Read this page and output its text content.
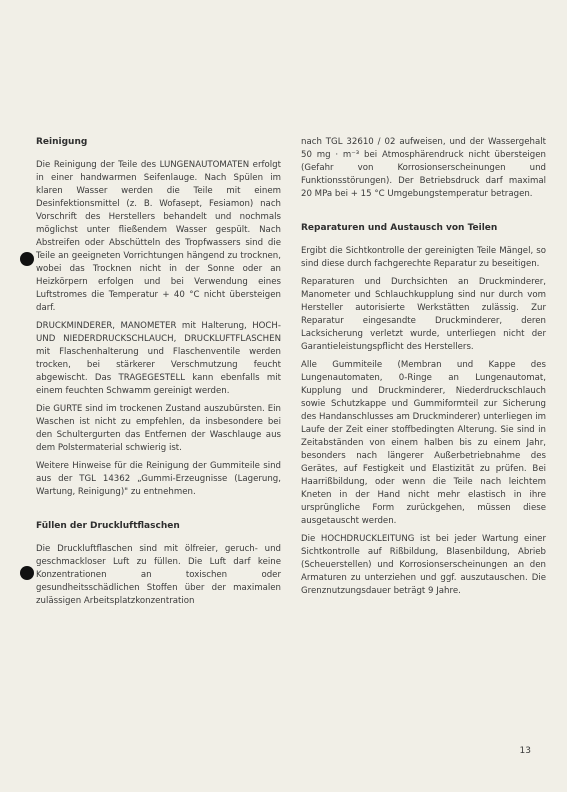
Reinigung

Die Reinigung der Teile des LUNGENAUTOMATEN erfolgt in einer handwarmen Seifenlauge. Nach Spülen im klaren Wasser werden die Teile mit einem Desinfektionsmittel (z. B. Wofasept, Fesiamon) nach Vorschrift des Herstellers behandelt und nochmals möglichst unter fließendem Wasser gespült. Nach Abstreifen oder Abschütteln des Tropfwassers sind die Teile an geeigneten Vorrichtungen hängend zu trocknen, wobei das Trocknen nicht in der Sonne oder an Heizkörpern erfolgen und bei Verwendung eines Luftstromes die Temperatur + 40 °C nicht übersteigen darf.

DRUCKMINDERER, MANOMETER mit Halterung, HOCH- UND NIEDERDRUCKSCHLAUCH, DRUCKLUFTFLASCHEN mit Flaschenhalterung und Flaschenventile werden trocken, bei stärkerer Verschmutzung feucht abgewischt. Das TRAGEGESTELL kann ebenfalls mit einem feuchten Schwamm gereinigt werden.

Die GURTE sind im trockenen Zustand auszubürsten. Ein Waschen ist nicht zu empfehlen, da insbesondere bei den Schultergurten das Entfernen der Waschlauge aus dem Polstermaterial schwierig ist.

Weitere Hinweise für die Reinigung der Gummiteile sind aus der TGL 14362 „Gummi-Erzeugnisse (Lagerung, Wartung, Reinigung)" zu entnehmen.

Füllen der Druckluftflaschen

Die Druckluftflaschen sind mit ölfreier, geruch- und geschmackloser Luft zu füllen. Die Luft darf keine Konzentrationen an toxischen oder gesundheitsschädlichen Stoffen über der maximalen zulässigen Arbeitsplatzkonzentration

nach TGL 32610 / 02 aufweisen, und der Wassergehalt 50 mg · m⁻³ bei Atmosphärendruck nicht übersteigen (Gefahr von Korrosionserscheinungen und Funktionsstörungen). Der Betriebsdruck darf maximal 20 MPa bei + 15 °C Umgebungstemperatur betragen.

Reparaturen und Austausch von Teilen

Ergibt die Sichtkontrolle der gereinigten Teile Mängel, so sind diese durch fachgerechte Reparatur zu beseitigen.

Reparaturen und Durchsichten an Druckminderer, Manometer und Schlauchkupplung sind nur durch vom Hersteller autorisierte Werkstätten zulässig. Zur Reparatur eingesandte Druckminderer, deren Lacksicherung verletzt wurde, unterliegen nicht der Garantieleistungspflicht des Herstellers.

Alle Gummiteile (Membran und Kappe des Lungenautomaten, 0-Ringe an Lungenautomat, Kupplung und Druckminderer, Niederdruckschlauch sowie Schutzkappe und Gummiformteil zur Sicherung des Handanschlusses am Druckminderer) unterliegen im Laufe der Zeit einer stoffbedingten Alterung. Sie sind in Zeitabständen von einem halben bis zu einem Jahr, besonders nach längerer Außerbetriebnahme des Gerätes, auf Festigkeit und Elastizität zu prüfen. Bei Haarrißbildung, oder wenn die Teile nach leichtem Kneten in der Hand nicht mehr elastisch in ihre ursprüngliche Form zurückgehen, müssen diese ausgetauscht werden.

Die HOCHDRUCKLEITUNG ist bei jeder Wartung einer Sichtkontrolle auf Rißbildung, Blasenbildung, Abrieb (Scheuerstellen) und Korrosionserscheinungen an den Armaturen zu unterziehen und ggf. auszutauschen. Die Grenznutzungsdauer beträgt 9 Jahre.

13
